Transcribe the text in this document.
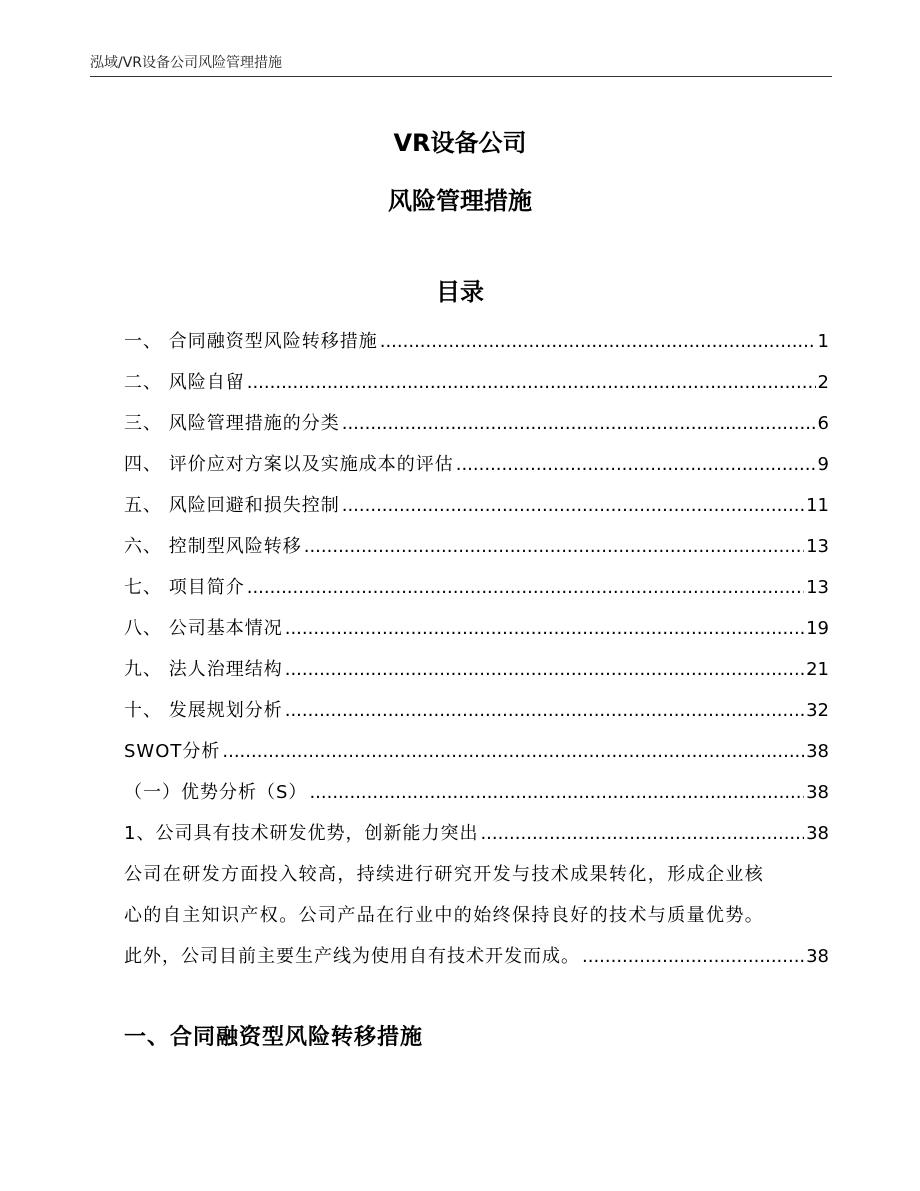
泓域/VR设备公司风险管理措施
VR设备公司
风险管理措施
目录
一、 合同融资型风险转移措施 .....	1
二、 风险自留 .....	2
三、 风险管理措施的分类 .....	6
四、 评价应对方案以及实施成本的评估 .....	9
五、 风险回避和损失控制 .....	11
六、 控制型风险转移 .....	13
七、 项目简介 .....	13
八、 公司基本情况 .....	19
九、 法人治理结构 .....	21
十、 发展规划分析 .....	32
SWOT分析 .....	38
（一）优势分析（S） .....	38
1、公司具有技术研发优势，创新能力突出 .....	38
公司在研发方面投入较高，持续进行研究开发与技术成果转化，形成企业核
心的自主知识产权。公司产品在行业中的始终保持良好的技术与质量优势。
此外，公司目前主要生产线为使用自有技术开发而成。 .....	38
一、合同融资型风险转移措施
